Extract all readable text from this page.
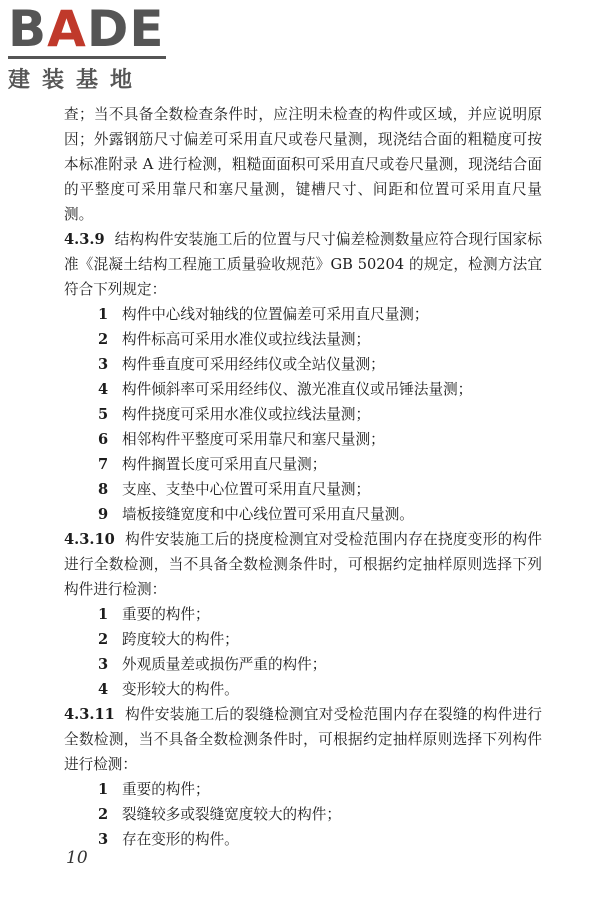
BADE
建装基地

查；当不具备全数检查条件时，应注明未检查的构件或区域，并应说明原因；外露钢筋尺寸偏差可采用直尺或卷尺量测，现浇结合面的粗糙度可按本标准附录 A 进行检测，粗糙面面积可采用直尺或卷尺量测，现浇结合面的平整度可采用靠尺和塞尺量测，键槽尺寸、间距和位置可采用直尺量测。

4.3.9 结构构件安装施工后的位置与尺寸偏差检测数量应符合现行国家标准《混凝土结构工程施工质量验收规范》GB 50204 的规定，检测方法宜符合下列规定：

1 构件中心线对轴线的位置偏差可采用直尺量测；

2 构件标高可采用水准仪或拉线法量测；

3 构件垂直度可采用经纬仪或全站仪量测；

4 构件倾斜率可采用经纬仪、激光准直仪或吊锤法量测；

5 构件挠度可采用水准仪或拉线法量测；

6 相邻构件平整度可采用靠尺和塞尺量测；

7 构件搁置长度可采用直尺量测；

8 支座、支垫中心位置可采用直尺量测；

9 墙板接缝宽度和中心线位置可采用直尺量测。

4.3.10 构件安装施工后的挠度检测宜对受检范围内存在挠度变形的构件进行全数检测，当不具备全数检测条件时，可根据约定抽样原则选择下列构件进行检测：

1 重要的构件；

2 跨度较大的构件；

3 外观质量差或损伤严重的构件；

4 变形较大的构件。

4.3.11 构件安装施工后的裂缝检测宜对受检范围内存在裂缝的构件进行全数检测，当不具备全数检测条件时，可根据约定抽样原则选择下列构件进行检测：

1 重要的构件；

2 裂缝较多或裂缝宽度较大的构件；

3 存在变形的构件。

10
